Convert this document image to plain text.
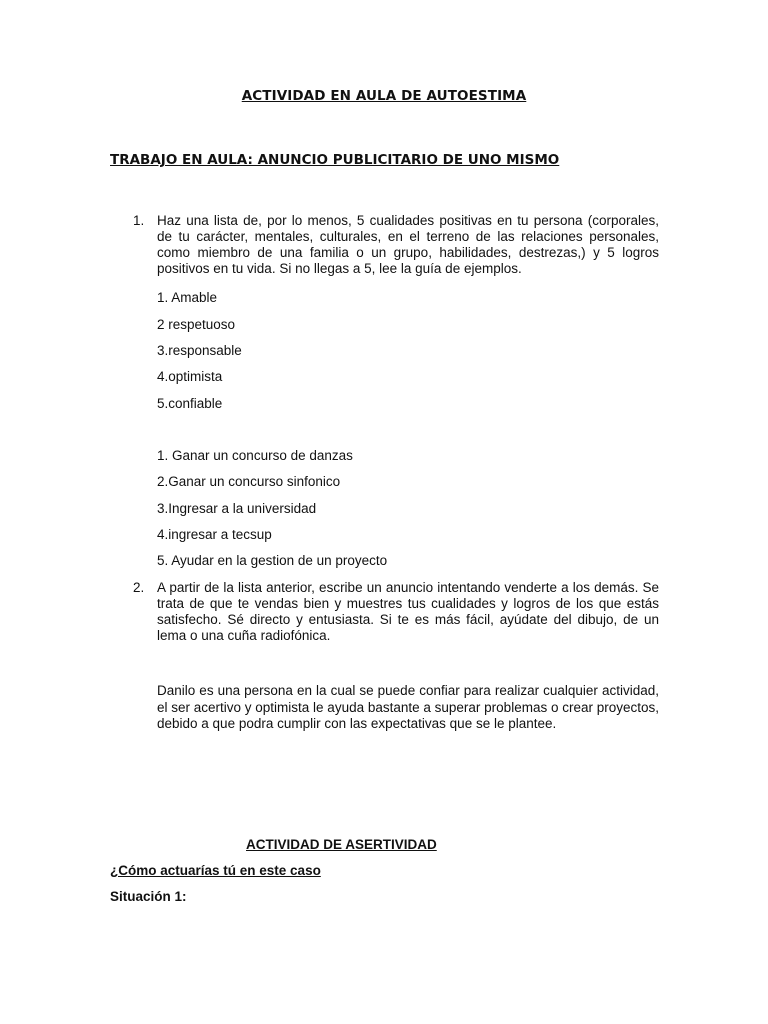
ACTIVIDAD EN AULA DE AUTOESTIMA
TRABAJO EN AULA: ANUNCIO PUBLICITARIO DE UNO MISMO
1. Haz una lista de, por lo menos, 5 cualidades positivas en tu persona (corporales, de tu carácter, mentales, culturales, en el terreno de las relaciones personales, como miembro de una familia o un grupo, habilidades, destrezas,) y 5 logros positivos en tu vida. Si no llegas a 5, lee la guía de ejemplos.
1. Amable
2 respetuoso
3.responsable
4.optimista
5.confiable
1. Ganar un concurso de danzas
2.Ganar un concurso sinfonico
3.Ingresar a la universidad
4.ingresar a tecsup
5. Ayudar en la gestion de un proyecto
2. A partir de la lista anterior, escribe un anuncio intentando venderte a los demás. Se trata de que te vendas bien y muestres tus cualidades y logros de los que estás satisfecho. Sé directo y entusiasta. Si te es más fácil, ayúdate del dibujo, de un lema o una cuña radiofónica.
Danilo es una persona en la cual se puede confiar para realizar cualquier actividad, el ser acertivo y optimista le ayuda bastante a superar problemas o crear proyectos, debido a que podra cumplir con las expectativas que se le plantee.
ACTIVIDAD DE ASERTIVIDAD
¿Cómo actuarías tú en este caso
Situación 1:
